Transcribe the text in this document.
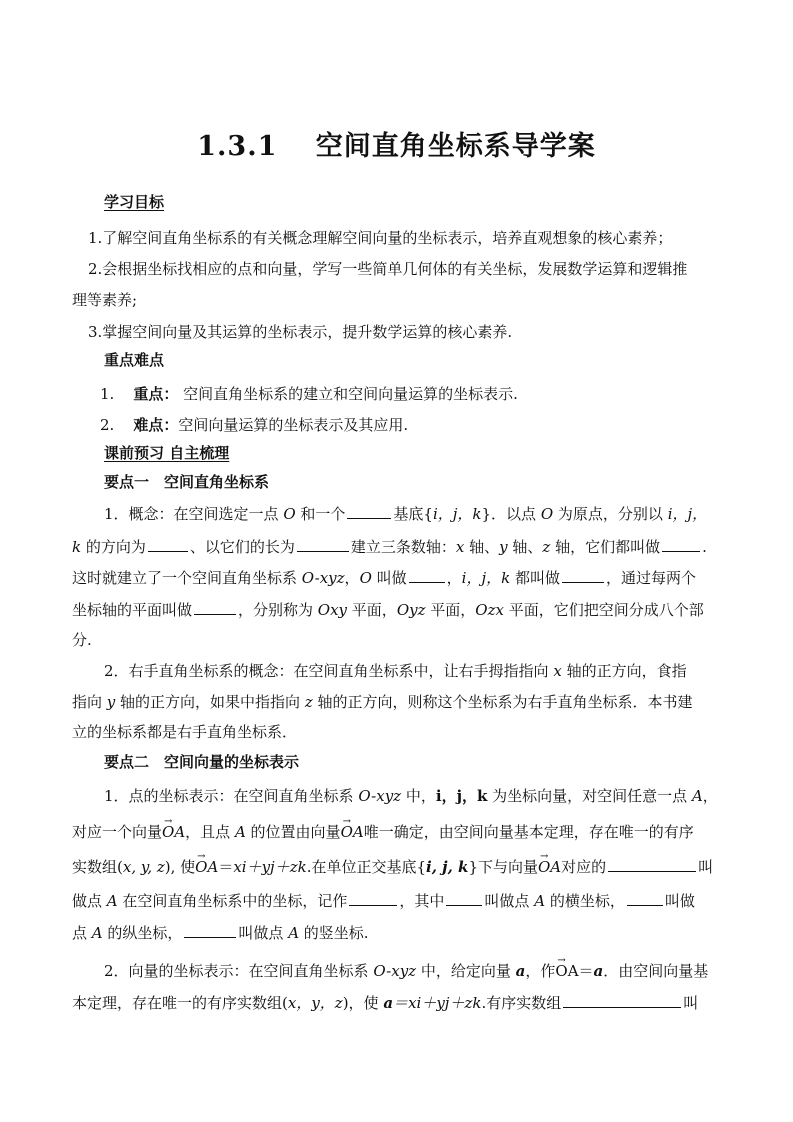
1.3.1　 空间直角坐标系导学案
学习目标
1.了解空间直角坐标系的有关概念理解空间向量的坐标表示，培养直观想象的核心素养；
2.会根据坐标找相应的点和向量，学写一些简单几何体的有关坐标，发展数学运算和逻辑推
理等素养;
3.掌握空间向量及其运算的坐标表示，提升数学运算的核心素养.
重点难点
1. 重点： 空间直角坐标系的建立和空间向量运算的坐标表示.
2. 难点：空间向量运算的坐标表示及其应用.
课前预习 自主梳理
要点一　空间直角坐标系
1．概念：在空间选定一点 O 和一个	基底{i，j，k}．以点 O 为原点，分别以 i，j，
k 的方向为	、以它们的长为	建立三条数轴：x 轴、y 轴、z 轴，它们都叫做	.
这时就建立了一个空间直角坐标系 O-xyz，O 叫做	，i，j，k 都叫做	，通过每两个
坐标轴的平面叫做	，分别称为 Oxy 平面，Oyz 平面，Ozx 平面，它们把空间分成八个部
分.
2．右手直角坐标系的概念：在空间直角坐标系中，让右手拇指指向 x 轴的正方向，食指
指向 y 轴的正方向，如果中指指向 z 轴的正方向，则称这个坐标系为右手直角坐标系．本书建
立的坐标系都是右手直角坐标系．
要点二　空间向量的坐标表示
1．点的坐标表示：在空间直角坐标系 O-xyz 中，i，j，k 为坐标向量，对空间任意一点 A，
对应一个向量→ OA，且点 A 的位置由向量→ OA唯一确定，由空间向量基本定理，存在唯一的有序
实数组(x, y, z), 使→ OA＝xi＋yj＋zk.在单位正交基底{i, j, k}下与向量→ OA对应的	叫
做点 A 在空间直角坐标系中的坐标，记作	，其中	叫做点 A 的横坐标，	叫做
点 A 的纵坐标，	叫做点 A 的竖坐标.
2．向量的坐标表示：在空间直角坐标系 O-xyz 中，给定向量 a，作→ OA＝a．由空间向量基
本定理，存在唯一的有序实数组(x，y，z)，使 a＝xi＋yj＋zk.有序实数组	叫
